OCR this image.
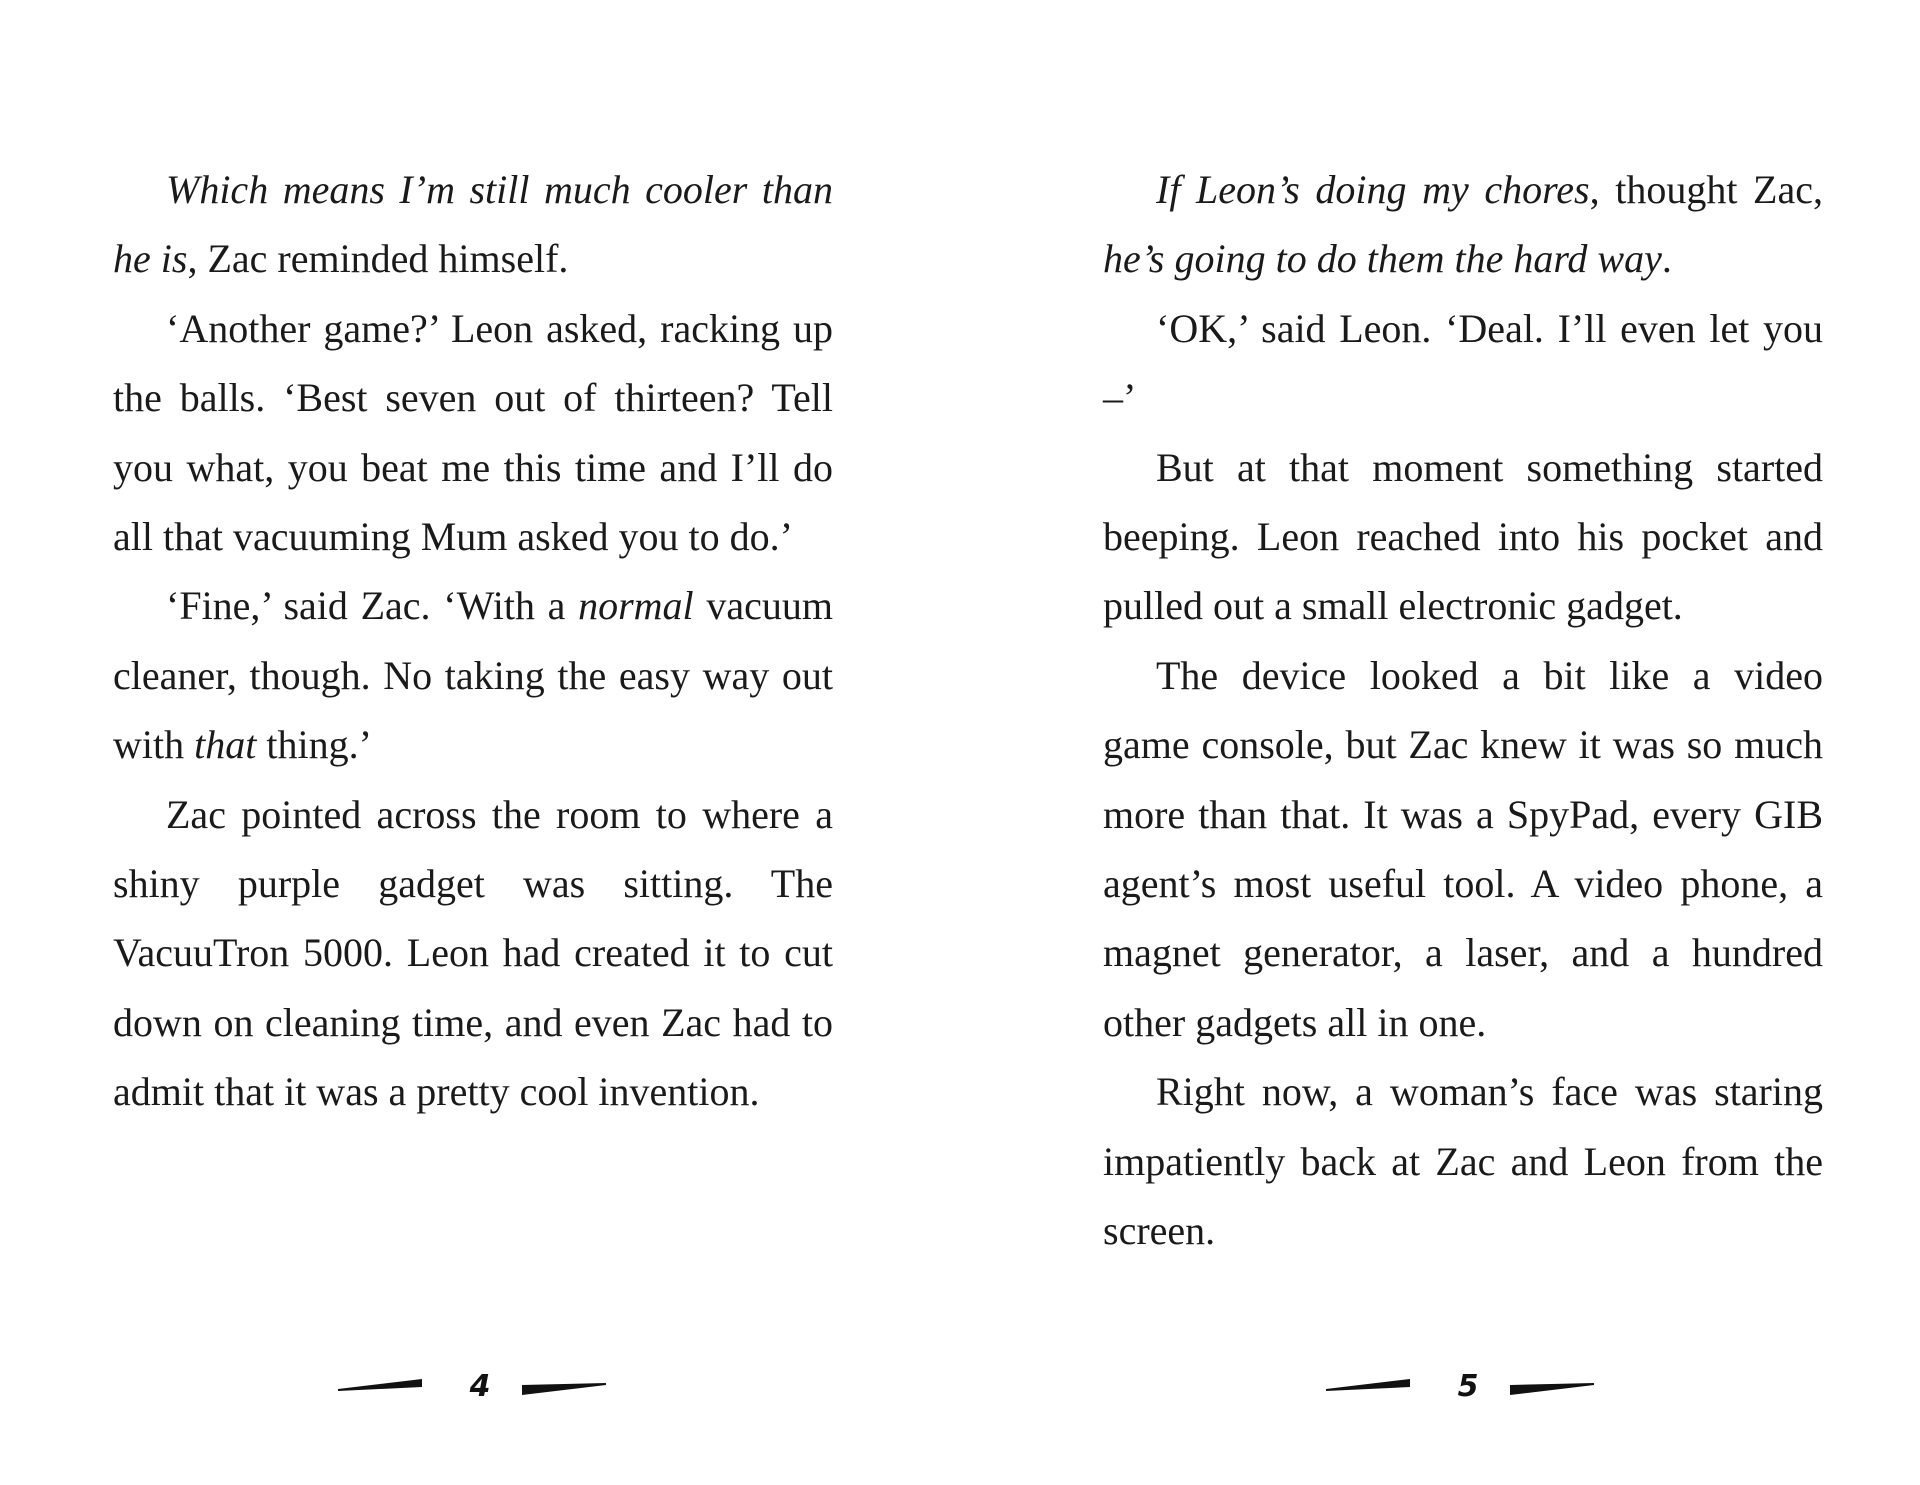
Which means I’m still much cooler than he is, Zac reminded himself.

‘Another game?’ Leon asked, racking up the balls. ‘Best seven out of thirteen? Tell you what, you beat me this time and I’ll do all that vacuuming Mum asked you to do.’

‘Fine,’ said Zac. ‘With a normal vacuum cleaner, though. No taking the easy way out with that thing.’

Zac pointed across the room to where a shiny purple gadget was sitting. The VacuuTron 5000. Leon had created it to cut down on cleaning time, and even Zac had to admit that it was a pretty cool invention.

4

If Leon’s doing my chores, thought Zac, he’s going to do them the hard way.

‘OK,’ said Leon. ‘Deal. I’ll even let you –’

But at that moment something started beeping. Leon reached into his pocket and pulled out a small electronic gadget.

The device looked a bit like a video game console, but Zac knew it was so much more than that. It was a SpyPad, every GIB agent’s most useful tool. A video phone, a magnet generator, a laser, and a hundred other gadgets all in one.

Right now, a woman’s face was staring impatiently back at Zac and Leon from the screen.

5
